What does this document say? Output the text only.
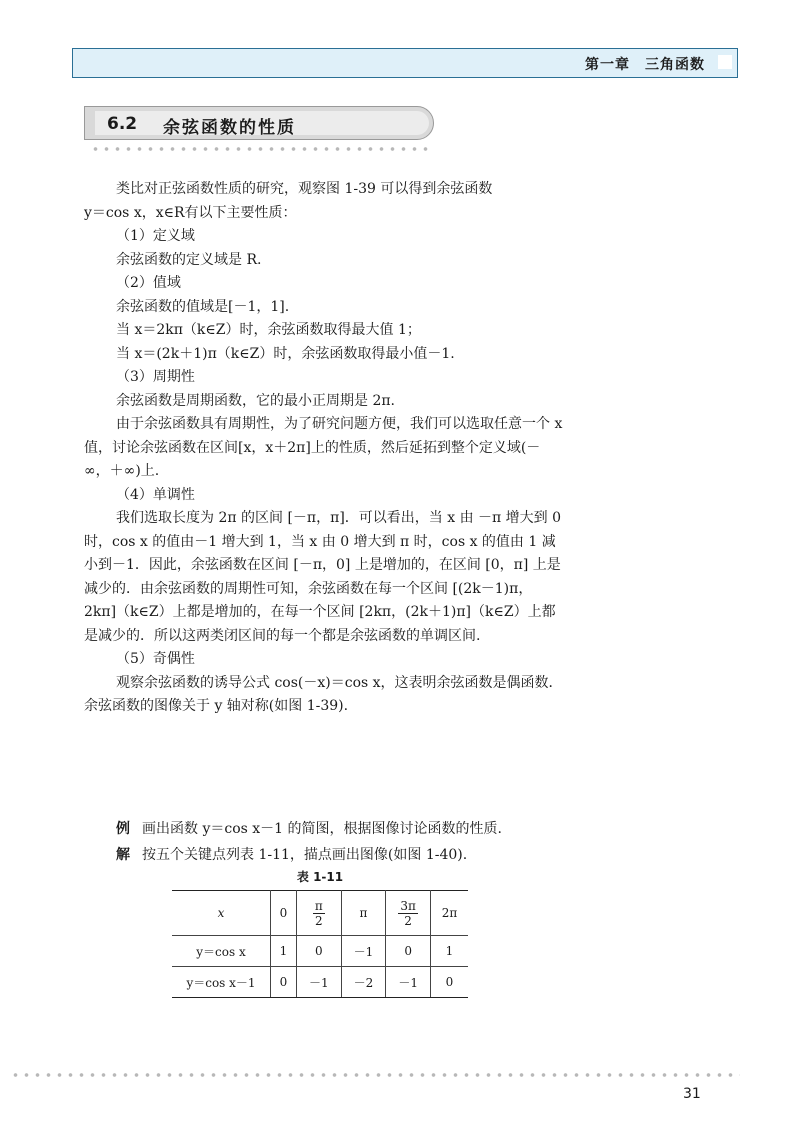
第一章　三角函数
6.2 余弦函数的性质

类比对正弦函数性质的研究，观察图 1-39 可以得到余弦函数

y＝cos x，x∈R有以下主要性质：

（1）定义域

余弦函数的定义域是 R.

（2）值域

余弦函数的值域是[－1，1].

当 x＝2kπ（k∈Z）时，余弦函数取得最大值 1；

当 x＝(2k＋1)π（k∈Z）时，余弦函数取得最小值－1.

（3）周期性

余弦函数是周期函数，它的最小正周期是 2π.

由于余弦函数具有周期性，为了研究问题方便，我们可以选取任意一个 x 值，讨论余弦函数在区间[x，x＋2π]上的性质，然后延拓到整个定义域(－∞，＋∞)上.

（4）单调性

我们选取长度为 2π 的区间 [－π，π]．可以看出，当 x 由 －π 增大到 0 时，cos x 的值由－1 增大到 1，当 x 由 0 增大到 π 时，cos x 的值由 1 减小到－1．因此，余弦函数在区间 [－π，0] 上是增加的，在区间 [0，π] 上是减少的．由余弦函数的周期性可知，余弦函数在每一个区间 [(2k－1)π，2kπ]（k∈Z）上都是增加的，在每一个区间 [2kπ，(2k＋1)π]（k∈Z）上都是减少的．所以这两类闭区间的每一个都是余弦函数的单调区间.

（5）奇偶性

观察余弦函数的诱导公式 cos(－x)＝cos x，这表明余弦函数是偶函数．余弦函数的图像关于 y 轴对称(如图 1-39).

例 画出函数 y＝cos x－1 的简图，根据图像讨论函数的性质.
解 按五个关键点列表 1-11，描点画出图像(如图 1-40).
表 1-11
x	0	$\frac{\pi}{2}$	π	$\frac{3\pi}{2}$	2π
y＝cos x	1	0	－1	0	1
y＝cos x－1	0	－1	－2	－1	0
31
